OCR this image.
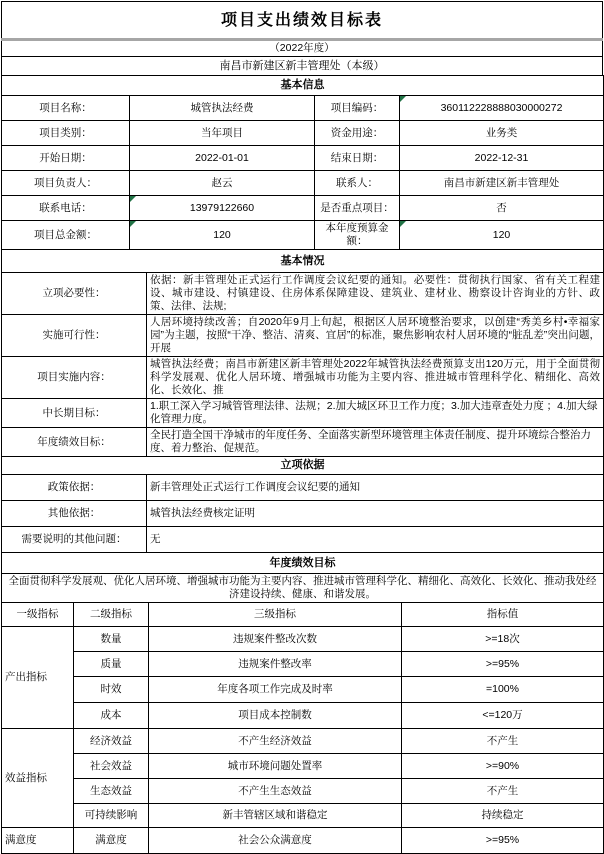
项目支出绩效目标表
（2022年度）
南昌市新建区新丰管理处（本级）
基本信息			
项目名称：	城管执法经费	项目编码：	360112228888030000272
项目类别：	当年项目	资金用途：	业务类
开始日期：	2022-01-01	结束日期：	2022-12-31
项目负责人：	赵云	联系人：	南昌市新建区新丰管理处
联系电话：	13979122660	是否重点项目：	否
项目总金额：	120	本年度预算金额：	120
基本情况	
立项必要性：	依据：新丰管理处正式运行工作调度会议纪要的通知。必要性：贯彻执行国家、省有关工程建设、城市建设、村镇建设、住房体系保障建设、建筑业、建材业、勘察设计咨询业的方针、政策、法律、法规;
实施可行性：	人居环境持续改善；自2020年9月上旬起，根据区人居环境整治要求，以创建“秀美乡村•幸福家园”为主题，按照“干净、整洁、清爽、宜居”的标准，聚焦影响农村人居环境的“脏乱差”突出问题，开展
项目实施内容：	城管执法经费；南昌市新建区新丰管理处2022年城管执法经费预算支出120万元，用于全面贯彻科学发展观、优化人居环境、增强城市功能为主要内容、推进城市管理科学化、精细化、高效化、长效化、推
中长期目标：	1.职工深入学习城管管理法律、法规；2.加大城区环卫工作力度；3.加大违章查处力度 ；4.加大绿化管理力度。
年度绩效目标：	全民打造全国干净城市的年度任务、全面落实新型环境管理主体责任制度、提升环境综合整治力度、着力整治、促规范。
立项依据	
政策依据：	新丰管理处正式运行工作调度会议纪要的通知
其他依据：	城管执法经费核定证明
需要说明的其他问题：	无
年度绩效目标			
全面贯彻科学发展观、优化人居环境、增强城市功能为主要内容、推进城市管理科学化、精细化、高效化、长效化、推动我处经济建设持续、健康、和谐发展。			
一级指标	二级指标	三级指标	指标值
产出指标	数量	违规案件整改次数	>=18次
	质量	违规案件整改率	>=95%
	时效	年度各项工作完成及时率	=100%
	成本	项目成本控制数	<=120万
效益指标	经济效益	不产生经济效益	不产生
	社会效益	城市环境问题处置率	>=90%
	生态效益	不产生生态效益	不产生
	可持续影响	新丰管辖区域和谐稳定	持续稳定
满意度	满意度	社会公众满意度	>=95%
